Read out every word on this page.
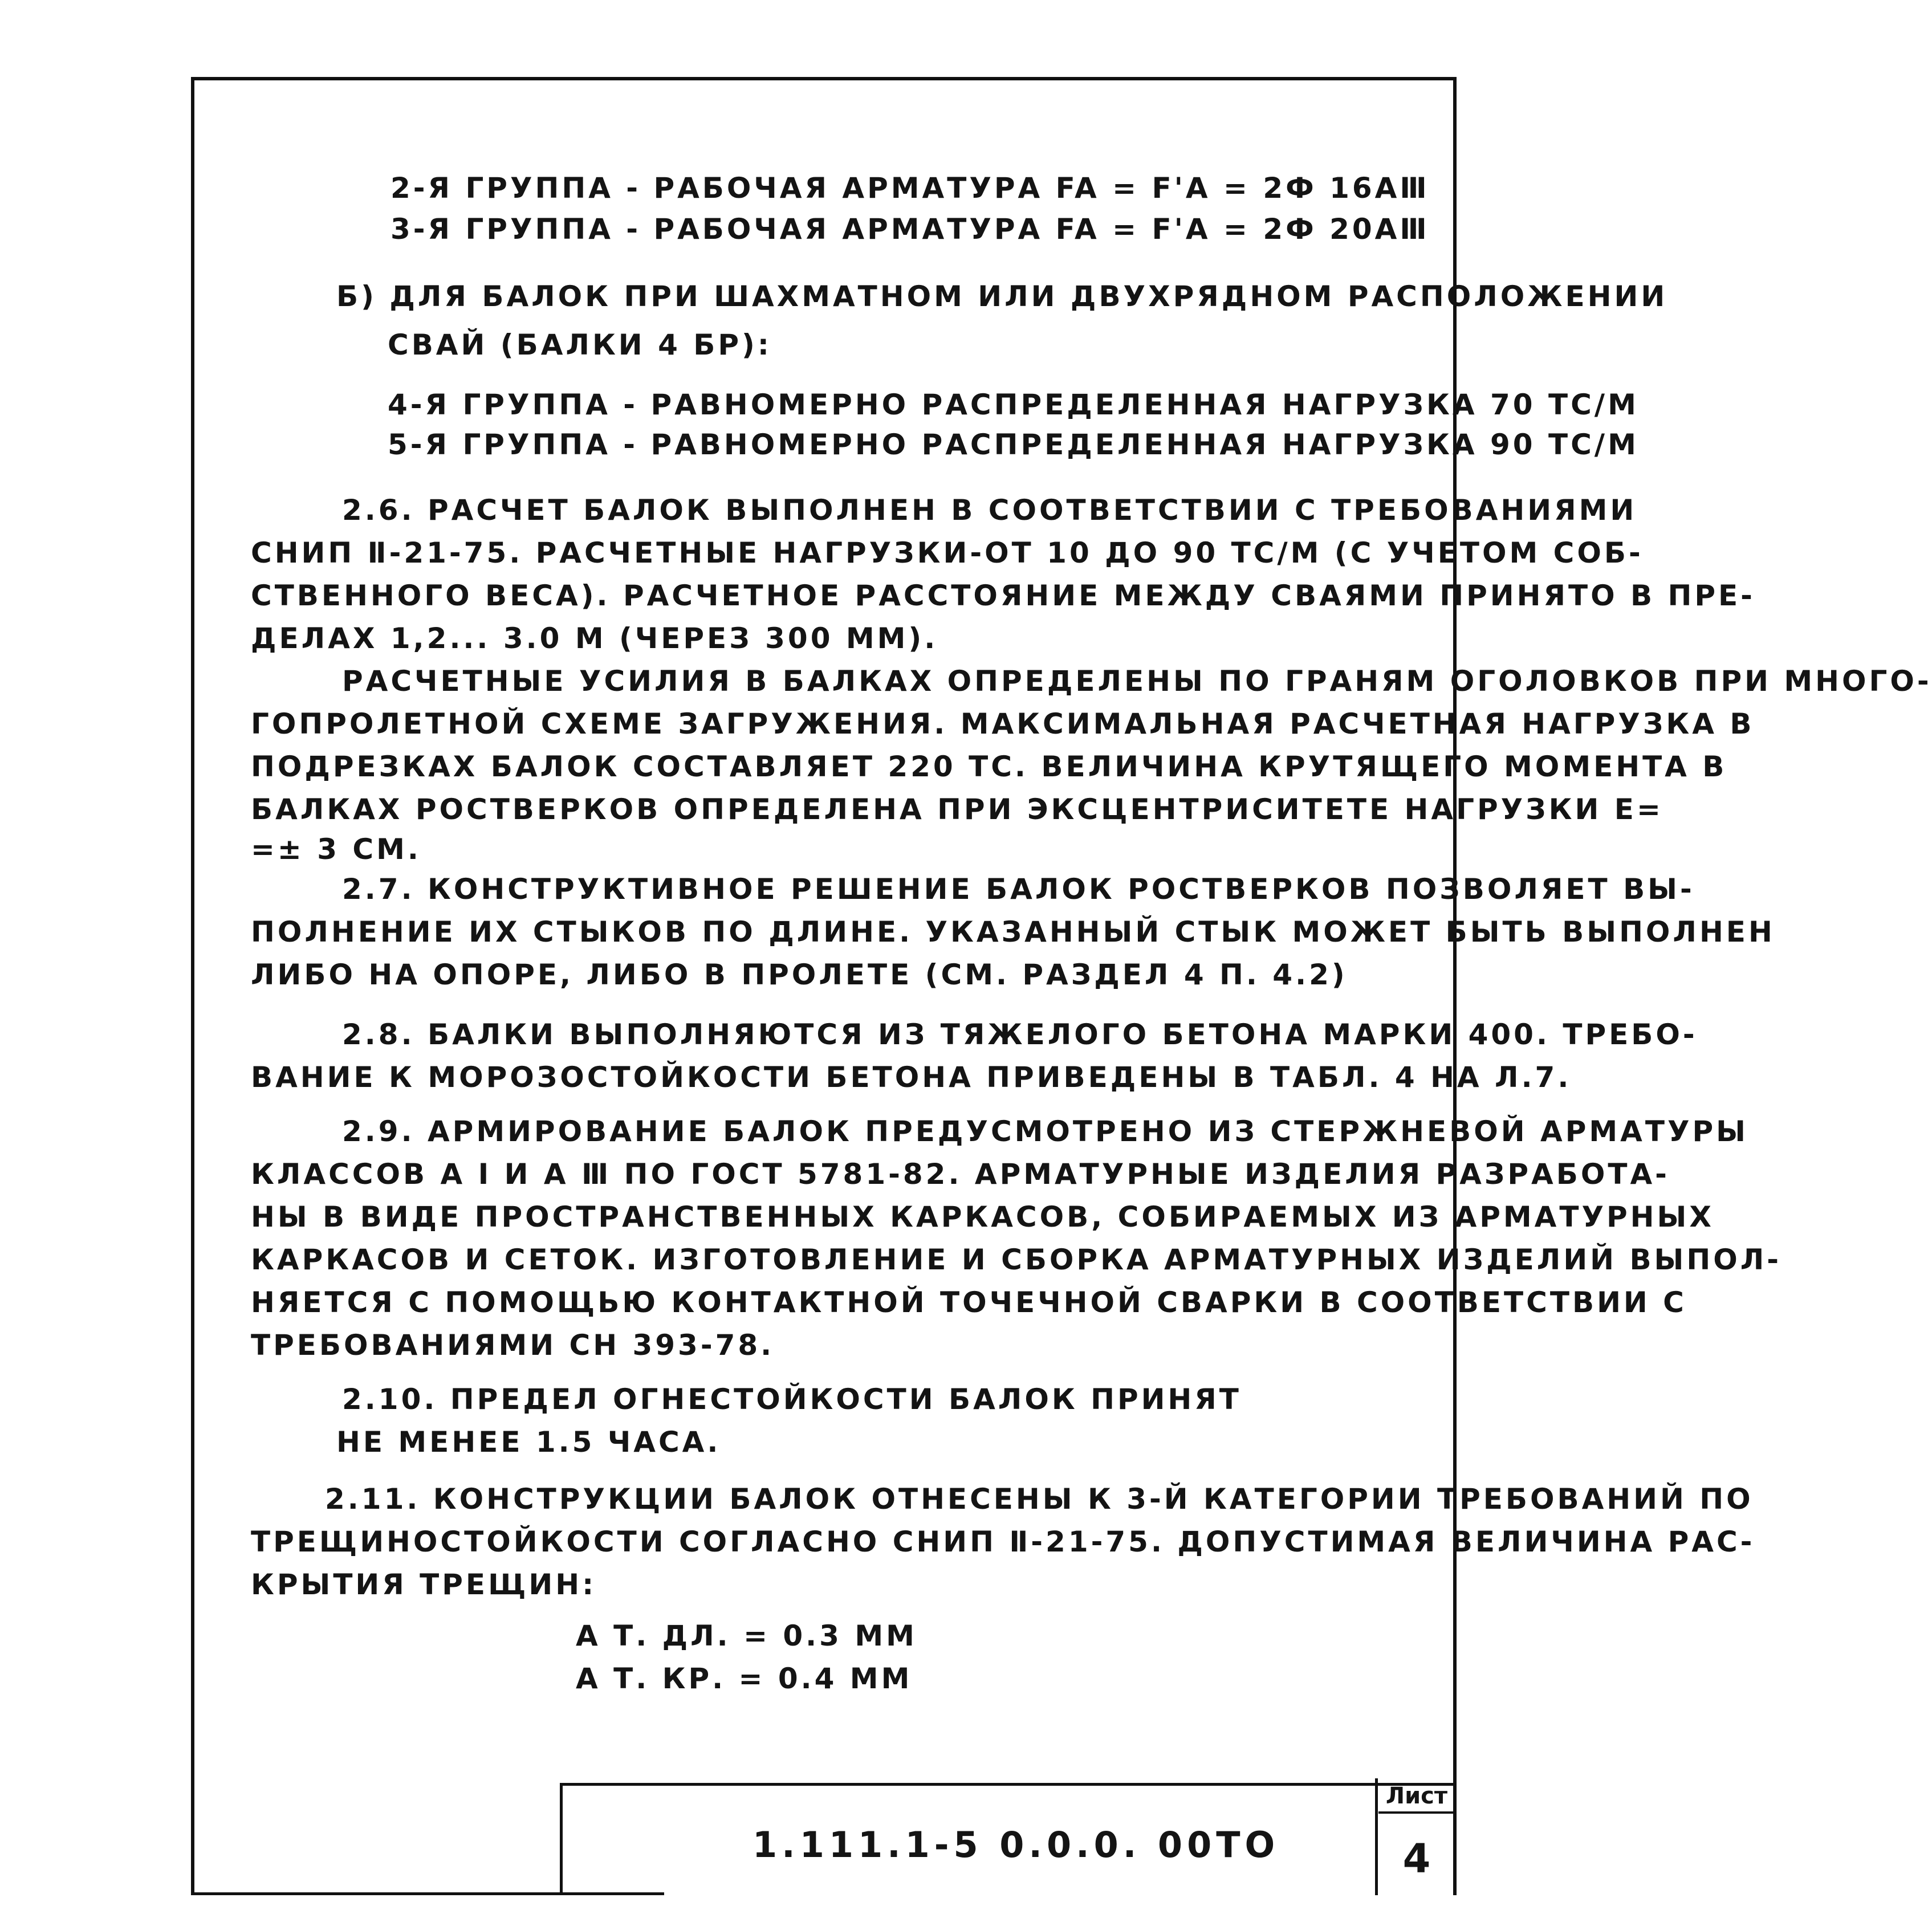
2-Я ГРУППА - РАБОЧАЯ АРМАТУРА FA = F'A = 2Ф 16AⅢ
3-Я ГРУППА - РАБОЧАЯ АРМАТУРА FA = F'A = 2Ф 20AⅢ
Б) ДЛЯ БАЛОК ПРИ ШАХМАТНОМ ИЛИ ДВУХРЯДНОМ РАСПОЛОЖЕНИИ
СВАЙ (БАЛКИ 4 БР):
4-Я ГРУППА - РАВНОМЕРНО РАСПРЕДЕЛЕННАЯ НАГРУЗКА 70 ТС/М
5-Я ГРУППА - РАВНОМЕРНО РАСПРЕДЕЛЕННАЯ НАГРУЗКА 90 ТС/М
2.6. РАСЧЕТ БАЛОК ВЫПОЛНЕН В СООТВЕТСТВИИ С ТРЕБОВАНИЯМИ
СНИП Ⅱ-21-75. РАСЧЕТНЫЕ НАГРУЗКИ-ОТ 10 ДО 90 ТС/М (С УЧЕТОМ СОБ-
СТВЕННОГО ВЕСА). РАСЧЕТНОЕ РАССТОЯНИЕ МЕЖДУ СВАЯМИ ПРИНЯТО В ПРЕ-
ДЕЛАХ 1,2... 3.0 М (ЧЕРЕЗ 300 ММ).
РАСЧЕТНЫЕ УСИЛИЯ В БАЛКАХ ОПРЕДЕЛЕНЫ ПО ГРАНЯМ ОГОЛОВКОВ ПРИ МНОГО-
ГОПРОЛЕТНОЙ СХЕМЕ ЗАГРУЖЕНИЯ. МАКСИМАЛЬНАЯ РАСЧЕТНАЯ НАГРУЗКА В
ПОДРЕЗКАХ БАЛОК СОСТАВЛЯЕТ 220 ТС. ВЕЛИЧИНА КРУТЯЩЕГО МОМЕНТА В
БАЛКАХ РОСТВЕРКОВ ОПРЕДЕЛЕНА ПРИ ЭКСЦЕНТРИСИТЕТЕ НАГРУЗКИ Е=
=± 3 СМ.
2.7. КОНСТРУКТИВНОЕ РЕШЕНИЕ БАЛОК РОСТВЕРКОВ ПОЗВОЛЯЕТ ВЫ-
ПОЛНЕНИЕ ИХ СТЫКОВ ПО ДЛИНЕ. УКАЗАННЫЙ СТЫК МОЖЕТ БЫТЬ ВЫПОЛНЕН
ЛИБО НА ОПОРЕ, ЛИБО В ПРОЛЕТЕ (СМ. РАЗДЕЛ 4 П. 4.2)
2.8. БАЛКИ ВЫПОЛНЯЮТСЯ ИЗ ТЯЖЕЛОГО БЕТОНА МАРКИ 400. ТРЕБО-
ВАНИЕ К МОРОЗОСТОЙКОСТИ БЕТОНА ПРИВЕДЕНЫ В ТАБЛ. 4 НА Л.7.
2.9. АРМИРОВАНИЕ БАЛОК ПРЕДУСМОТРЕНО ИЗ СТЕРЖНЕВОЙ АРМАТУРЫ
КЛАССОВ A Ⅰ И A Ⅲ ПО ГОСТ 5781-82. АРМАТУРНЫЕ ИЗДЕЛИЯ РАЗРАБОТА-
НЫ В ВИДЕ ПРОСТРАНСТВЕННЫХ КАРКАСОВ, СОБИРАЕМЫХ ИЗ АРМАТУРНЫХ
КАРКАСОВ И СЕТОК. ИЗГОТОВЛЕНИЕ И СБОРКА АРМАТУРНЫХ ИЗДЕЛИЙ ВЫПОЛ-
НЯЕТСЯ С ПОМОЩЬЮ КОНТАКТНОЙ ТОЧЕЧНОЙ СВАРКИ В СООТВЕТСТВИИ С
ТРЕБОВАНИЯМИ СН 393-78.
2.10. ПРЕДЕЛ ОГНЕСТОЙКОСТИ БАЛОК ПРИНЯТ
НЕ МЕНЕЕ 1.5 ЧАСА.
2.11. КОНСТРУКЦИИ БАЛОК ОТНЕСЕНЫ К 3-Й КАТЕГОРИИ ТРЕБОВАНИЙ ПО
ТРЕЩИНОСТОЙКОСТИ СОГЛАСНО СНИП Ⅱ-21-75. ДОПУСТИМАЯ ВЕЛИЧИНА РАС-
КРЫТИЯ ТРЕЩИН:
A Т. ДЛ. = 0.3 ММ
A Т. КР. = 0.4 ММ
1.111.1-5 0.0.0. 00ТО
Лист
4
